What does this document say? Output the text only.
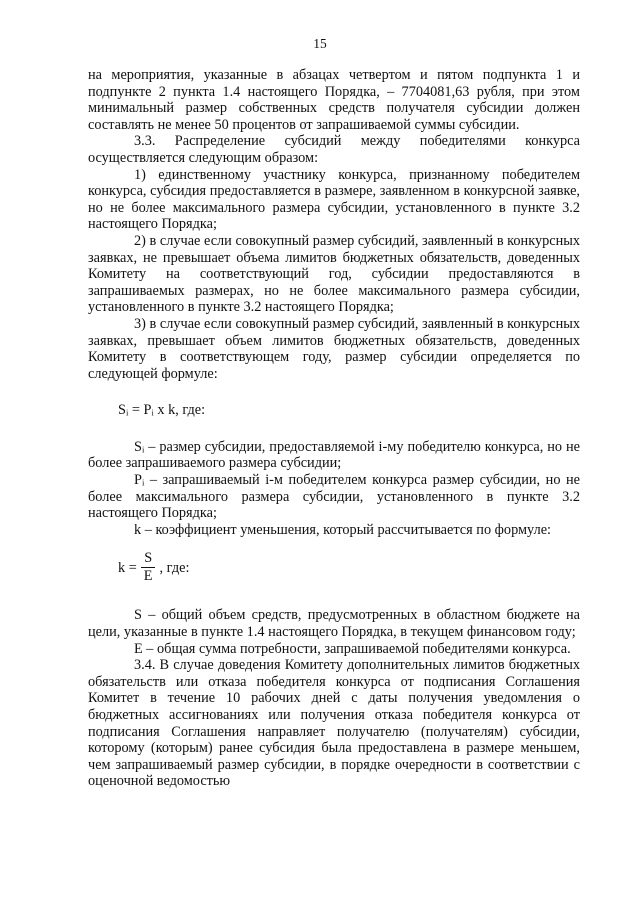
15

на мероприятия, указанные в абзацах четвертом и пятом подпункта 1 и подпункте 2 пункта 1.4 настоящего Порядка, – 7704081,63 рубля, при этом минимальный размер собственных средств получателя субсидии должен составлять не менее 50 процентов от запрашиваемой суммы субсидии.

3.3. Распределение субсидий между победителями конкурса осуществляется следующим образом:

1) единственному участнику конкурса, признанному победителем конкурса, субсидия предоставляется в размере, заявленном в конкурсной заявке, но не более максимального размера субсидии, установленного в пункте 3.2 настоящего Порядка;

2) в случае если совокупный размер субсидий, заявленный в конкурсных заявках, не превышает объема лимитов бюджетных обязательств, доведенных Комитету на соответствующий год, субсидии предоставляются в запрашиваемых размерах, но не более максимального размера субсидии, установленного в пункте 3.2 настоящего Порядка;

3) в случае если совокупный размер субсидий, заявленный в конкурсных заявках, превышает объем лимитов бюджетных обязательств, доведенных Комитету в соответствующем году, размер субсидии определяется по следующей формуле:

Sᵢ = Pᵢ x k, где:

Sᵢ – размер субсидии, предоставляемой i-му победителю конкурса, но не более запрашиваемого размера субсидии;

Pᵢ – запрашиваемый i-м победителем конкурса размер субсидии, но не более максимального размера субсидии, установленного в пункте 3.2 настоящего Порядка;

k – коэффициент уменьшения, который рассчитывается по формуле:

$k = \frac{S}{E}$ , где:

S – общий объем средств, предусмотренных в областном бюджете на цели, указанные в пункте 1.4 настоящего Порядка, в текущем финансовом году;

E – общая сумма потребности, запрашиваемой победителями конкурса.

3.4. В случае доведения Комитету дополнительных лимитов бюджетных обязательств или отказа победителя конкурса от подписания Соглашения Комитет в течение 10 рабочих дней с даты получения уведомления о бюджетных ассигнованиях или получения отказа победителя конкурса от подписания Соглашения направляет получателю (получателям) субсидии, которому (которым) ранее субсидия была предоставлена в размере меньшем, чем запрашиваемый размер субсидии, в порядке очередности в соответствии с оценочной ведомостью
